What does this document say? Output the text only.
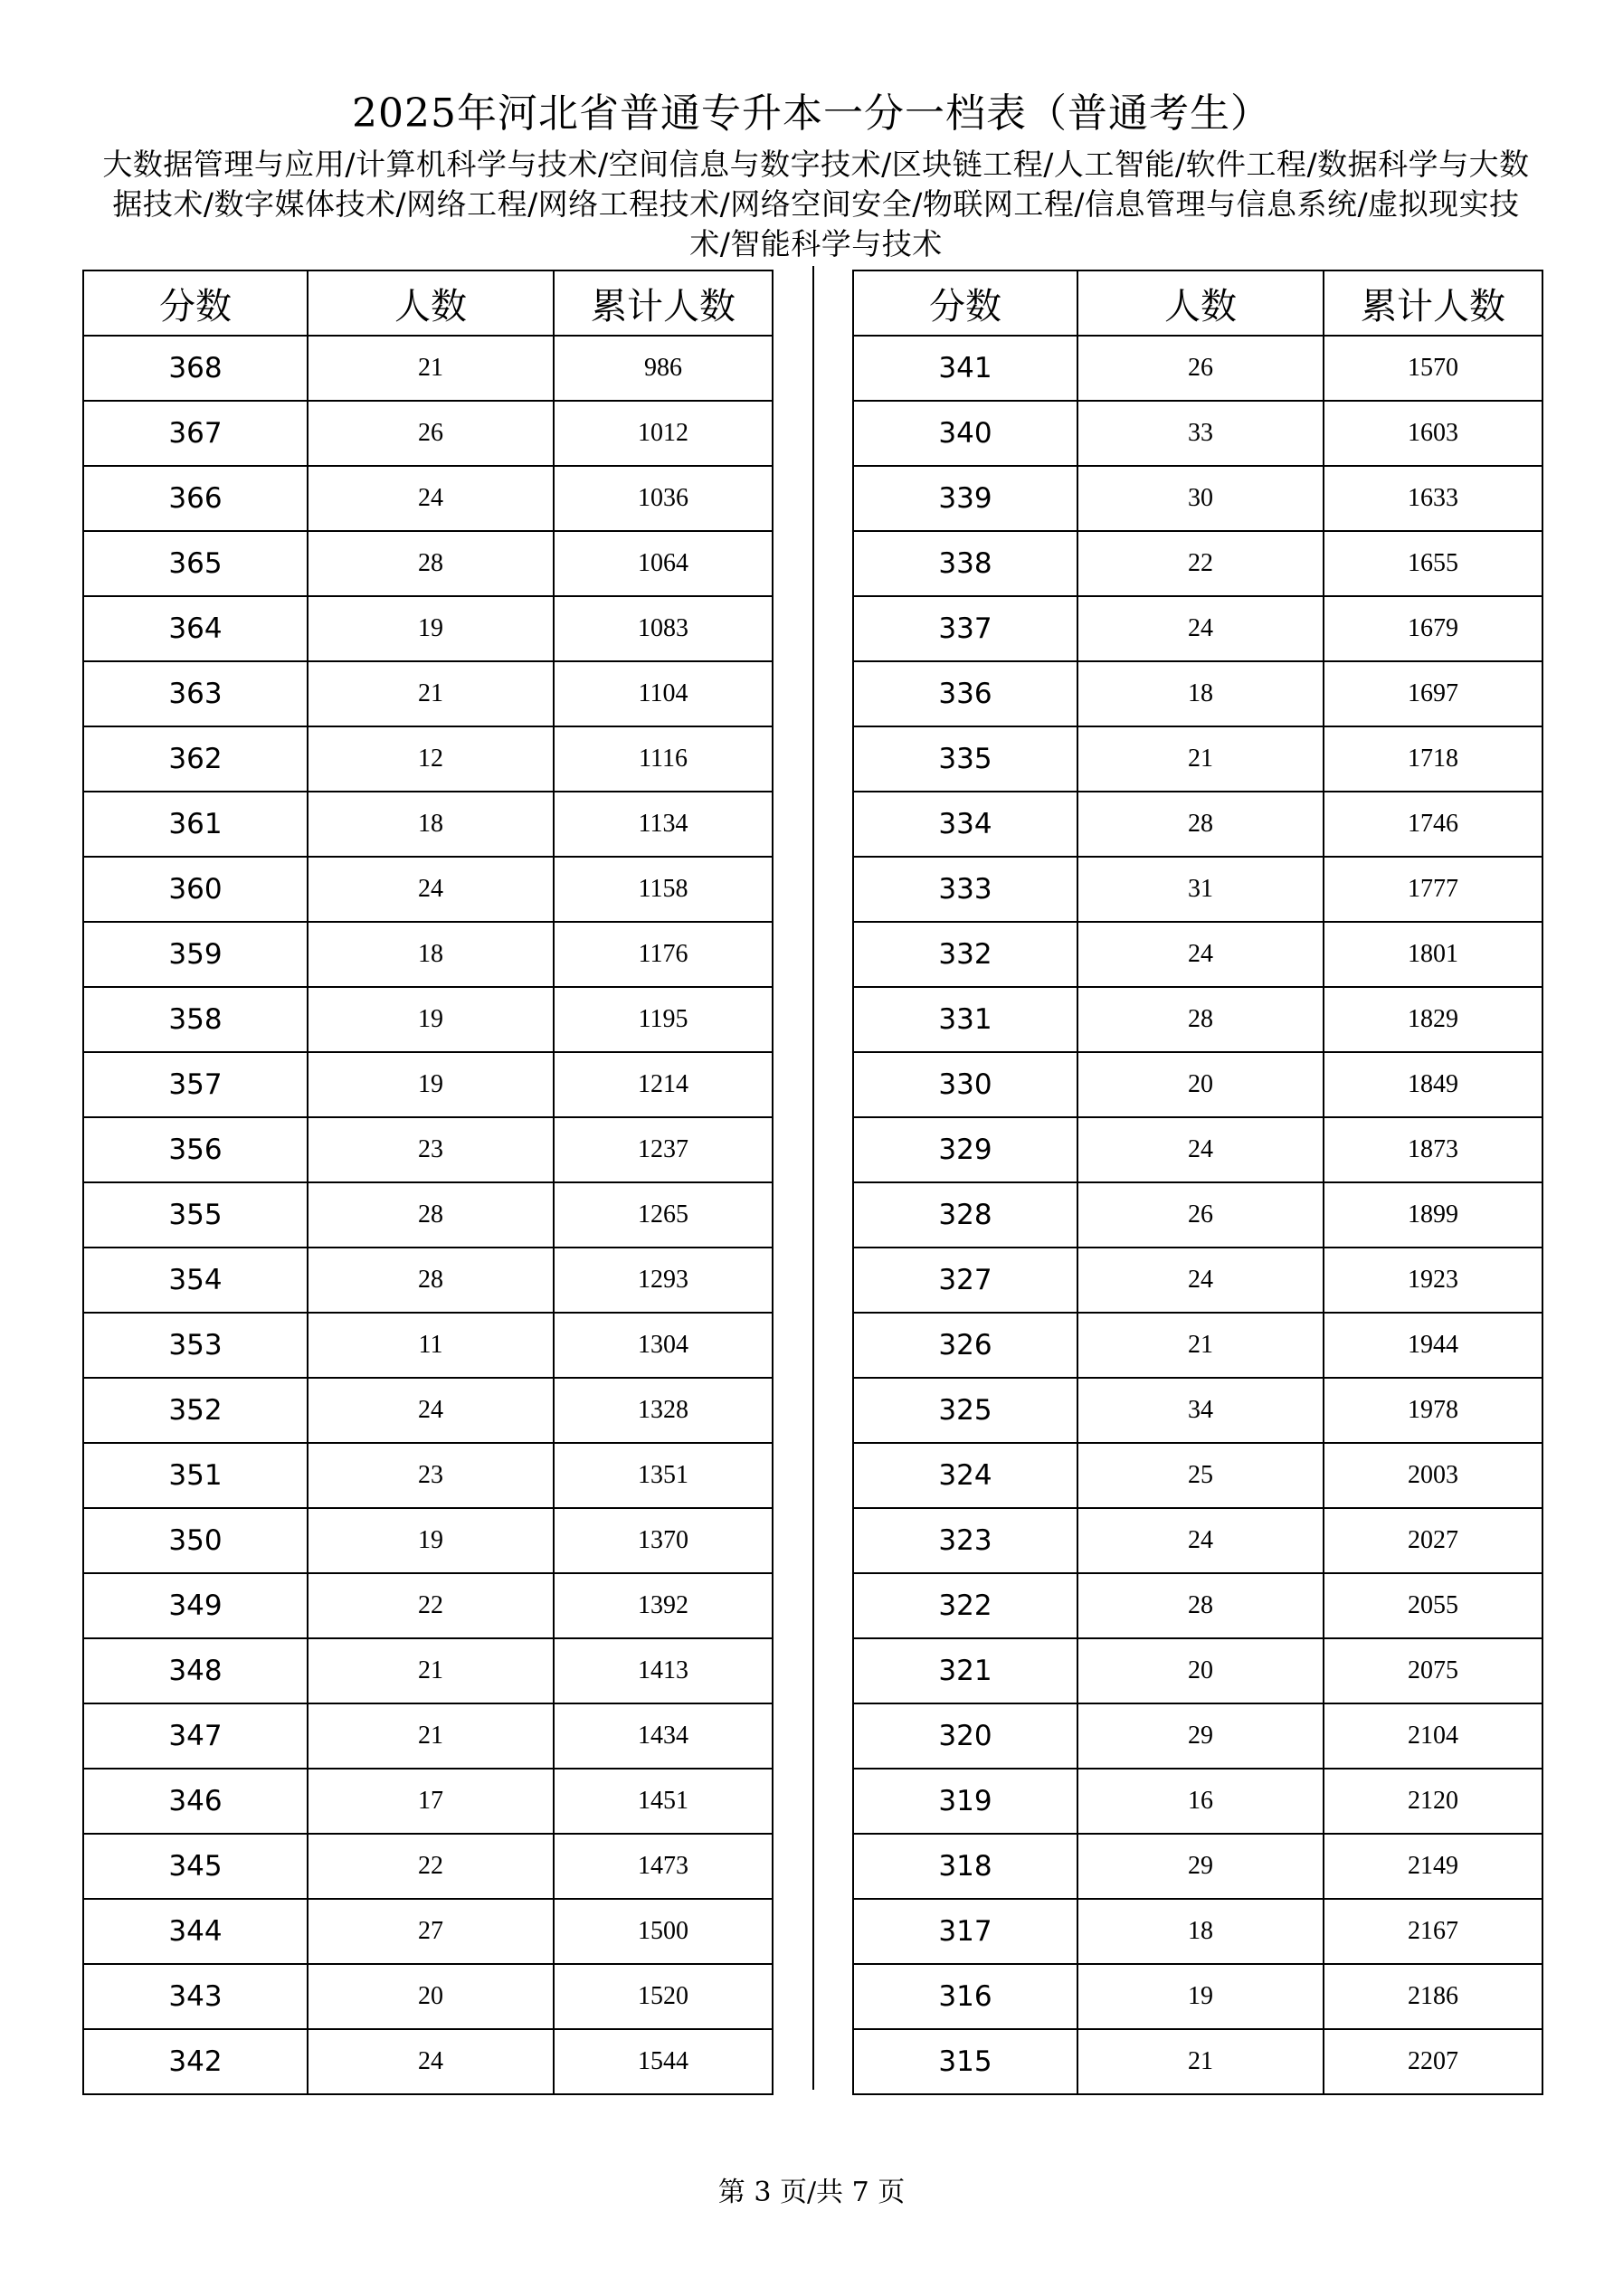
2025年河北省普通专升本一分一档表（普通考生）
大数据管理与应用/计算机科学与技术/空间信息与数字技术/区块链工程/人工智能/软件工程/数据科学与大数据技术/数字媒体技术/网络工程/网络工程技术/网络空间安全/物联网工程/信息管理与信息系统/虚拟现实技术/智能科学与技术
分数	人数	累计人数
368	21	986
367	26	1012
366	24	1036
365	28	1064
364	19	1083
363	21	1104
362	12	1116
361	18	1134
360	24	1158
359	18	1176
358	19	1195
357	19	1214
356	23	1237
355	28	1265
354	28	1293
353	11	1304
352	24	1328
351	23	1351
350	19	1370
349	22	1392
348	21	1413
347	21	1434
346	17	1451
345	22	1473
344	27	1500
343	20	1520
342	24	1544
分数	人数	累计人数
341	26	1570
340	33	1603
339	30	1633
338	22	1655
337	24	1679
336	18	1697
335	21	1718
334	28	1746
333	31	1777
332	24	1801
331	28	1829
330	20	1849
329	24	1873
328	26	1899
327	24	1923
326	21	1944
325	34	1978
324	25	2003
323	24	2027
322	28	2055
321	20	2075
320	29	2104
319	16	2120
318	29	2149
317	18	2167
316	19	2186
315	21	2207
第 3 页/共 7 页
